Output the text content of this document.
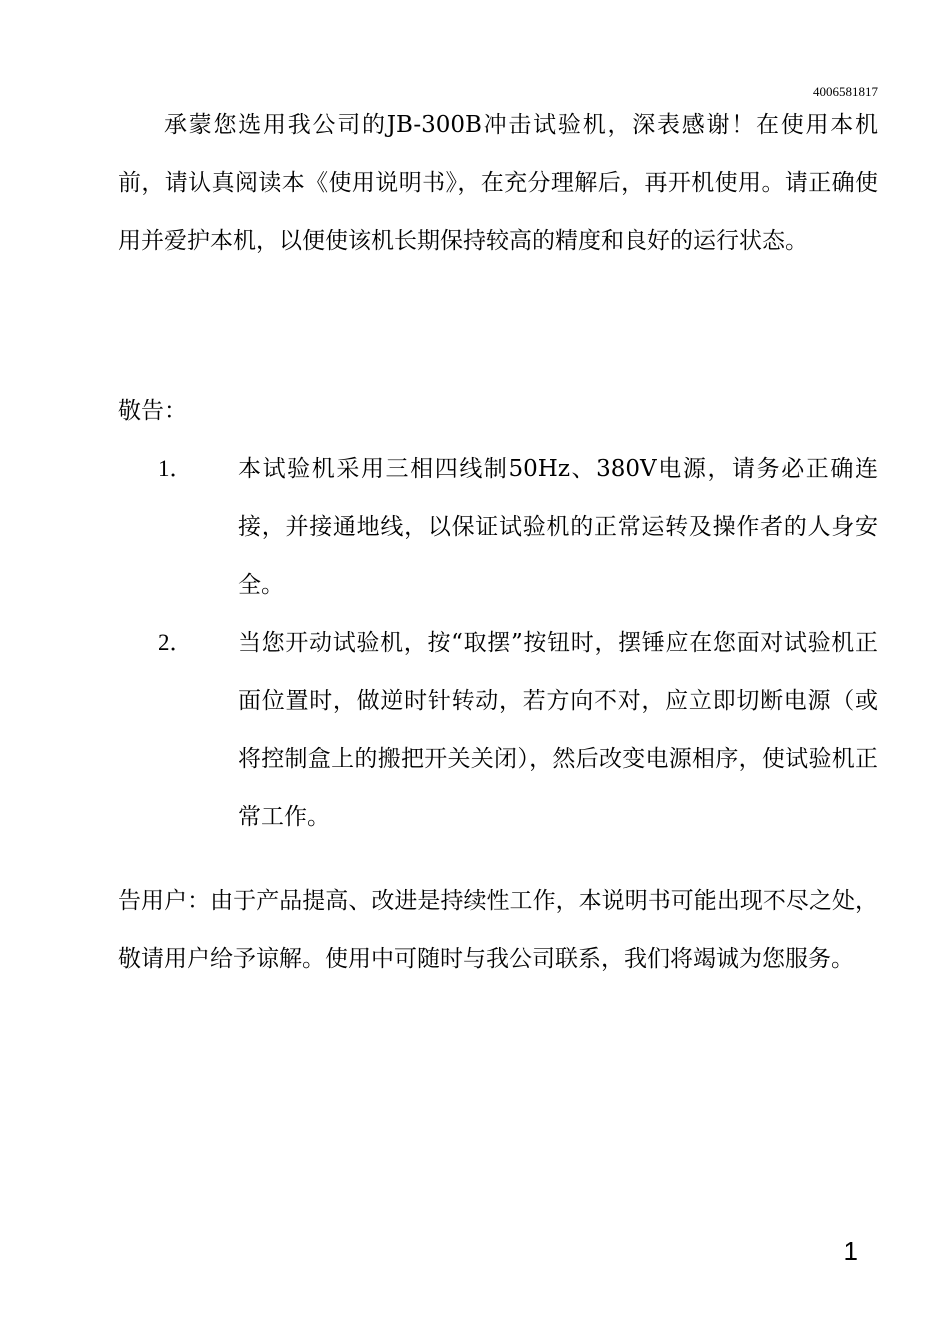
4006581817

承蒙您选用我公司的JB-300B冲击试验机，深表感谢！在使用本机前，请认真阅读本《使用说明书》，在充分理解后，再开机使用。请正确使用并爱护本机，以便使该机长期保持较高的精度和良好的运行状态。

敬告：
1． 本试验机采用三相四线制50Hz、380V电源，请务必正确连接，并接通地线，以保证试验机的正常运转及操作者的人身安全。
2． 当您开动试验机，按“取摆”按钮时，摆锤应在您面对试验机正面位置时，做逆时针转动，若方向不对，应立即切断电源（或将控制盒上的搬把开关关闭），然后改变电源相序，使试验机正常工作。

告用户：由于产品提高、改进是持续性工作，本说明书可能出现不尽之处，敬请用户给予谅解。使用中可随时与我公司联系，我们将竭诚为您服务。

1
